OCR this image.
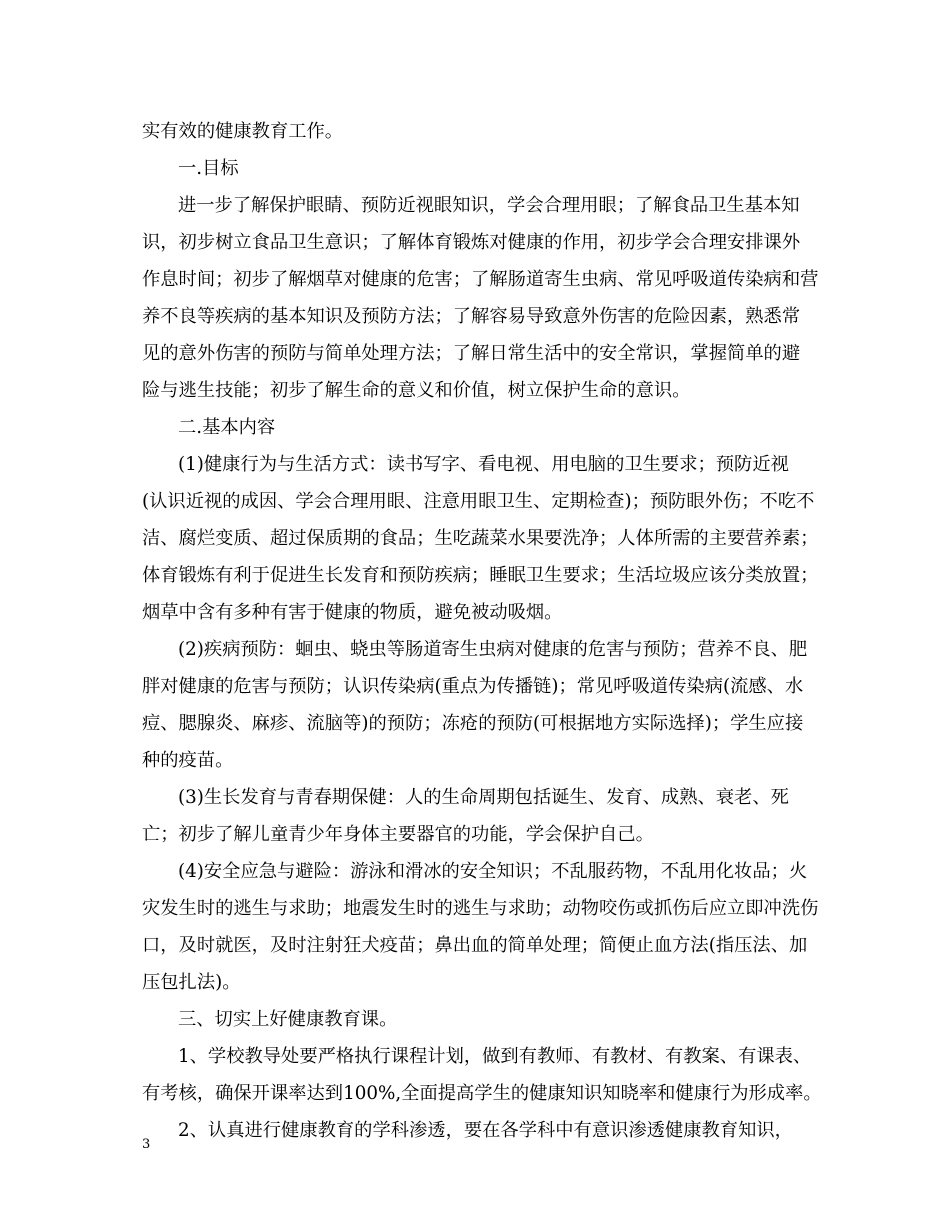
实有效的健康教育工作。
一.目标
进一步了解保护眼睛、预防近视眼知识，学会合理用眼；了解食品卫生基本知
识，初步树立食品卫生意识；了解体育锻炼对健康的作用，初步学会合理安排课外
作息时间；初步了解烟草对健康的危害；了解肠道寄生虫病、常见呼吸道传染病和营
养不良等疾病的基本知识及预防方法；了解容易导致意外伤害的危险因素，熟悉常
见的意外伤害的预防与简单处理方法；了解日常生活中的安全常识，掌握简单的避
险与逃生技能；初步了解生命的意义和价值，树立保护生命的意识。
二.基本内容
(1)健康行为与生活方式：读书写字、看电视、用电脑的卫生要求；预防近视
(认识近视的成因、学会合理用眼、注意用眼卫生、定期检查)；预防眼外伤；不吃不
洁、腐烂变质、超过保质期的食品；生吃蔬菜水果要洗净；人体所需的主要营养素；
体育锻炼有利于促进生长发育和预防疾病；睡眠卫生要求；生活垃圾应该分类放置；
烟草中含有多种有害于健康的物质，避免被动吸烟。
(2)疾病预防：蛔虫、蛲虫等肠道寄生虫病对健康的危害与预防；营养不良、肥
胖对健康的危害与预防；认识传染病(重点为传播链)；常见呼吸道传染病(流感、水
痘、腮腺炎、麻疹、流脑等)的预防；冻疮的预防(可根据地方实际选择)；学生应接
种的疫苗。
(3)生长发育与青春期保健：人的生命周期包括诞生、发育、成熟、衰老、死
亡；初步了解儿童青少年身体主要器官的功能，学会保护自己。
(4)安全应急与避险：游泳和滑冰的安全知识；不乱服药物，不乱用化妆品；火
灾发生时的逃生与求助；地震发生时的逃生与求助；动物咬伤或抓伤后应立即冲洗伤
口，及时就医，及时注射狂犬疫苗；鼻出血的简单处理；简便止血方法(指压法、加
压包扎法)。
三、切实上好健康教育课。
1、学校教导处要严格执行课程计划，做到有教师、有教材、有教案、有课表、
有考核，确保开课率达到100%,全面提高学生的健康知识知晓率和健康行为形成率。
2、认真进行健康教育的学科渗透，要在各学科中有意识渗透健康教育知识，
3
